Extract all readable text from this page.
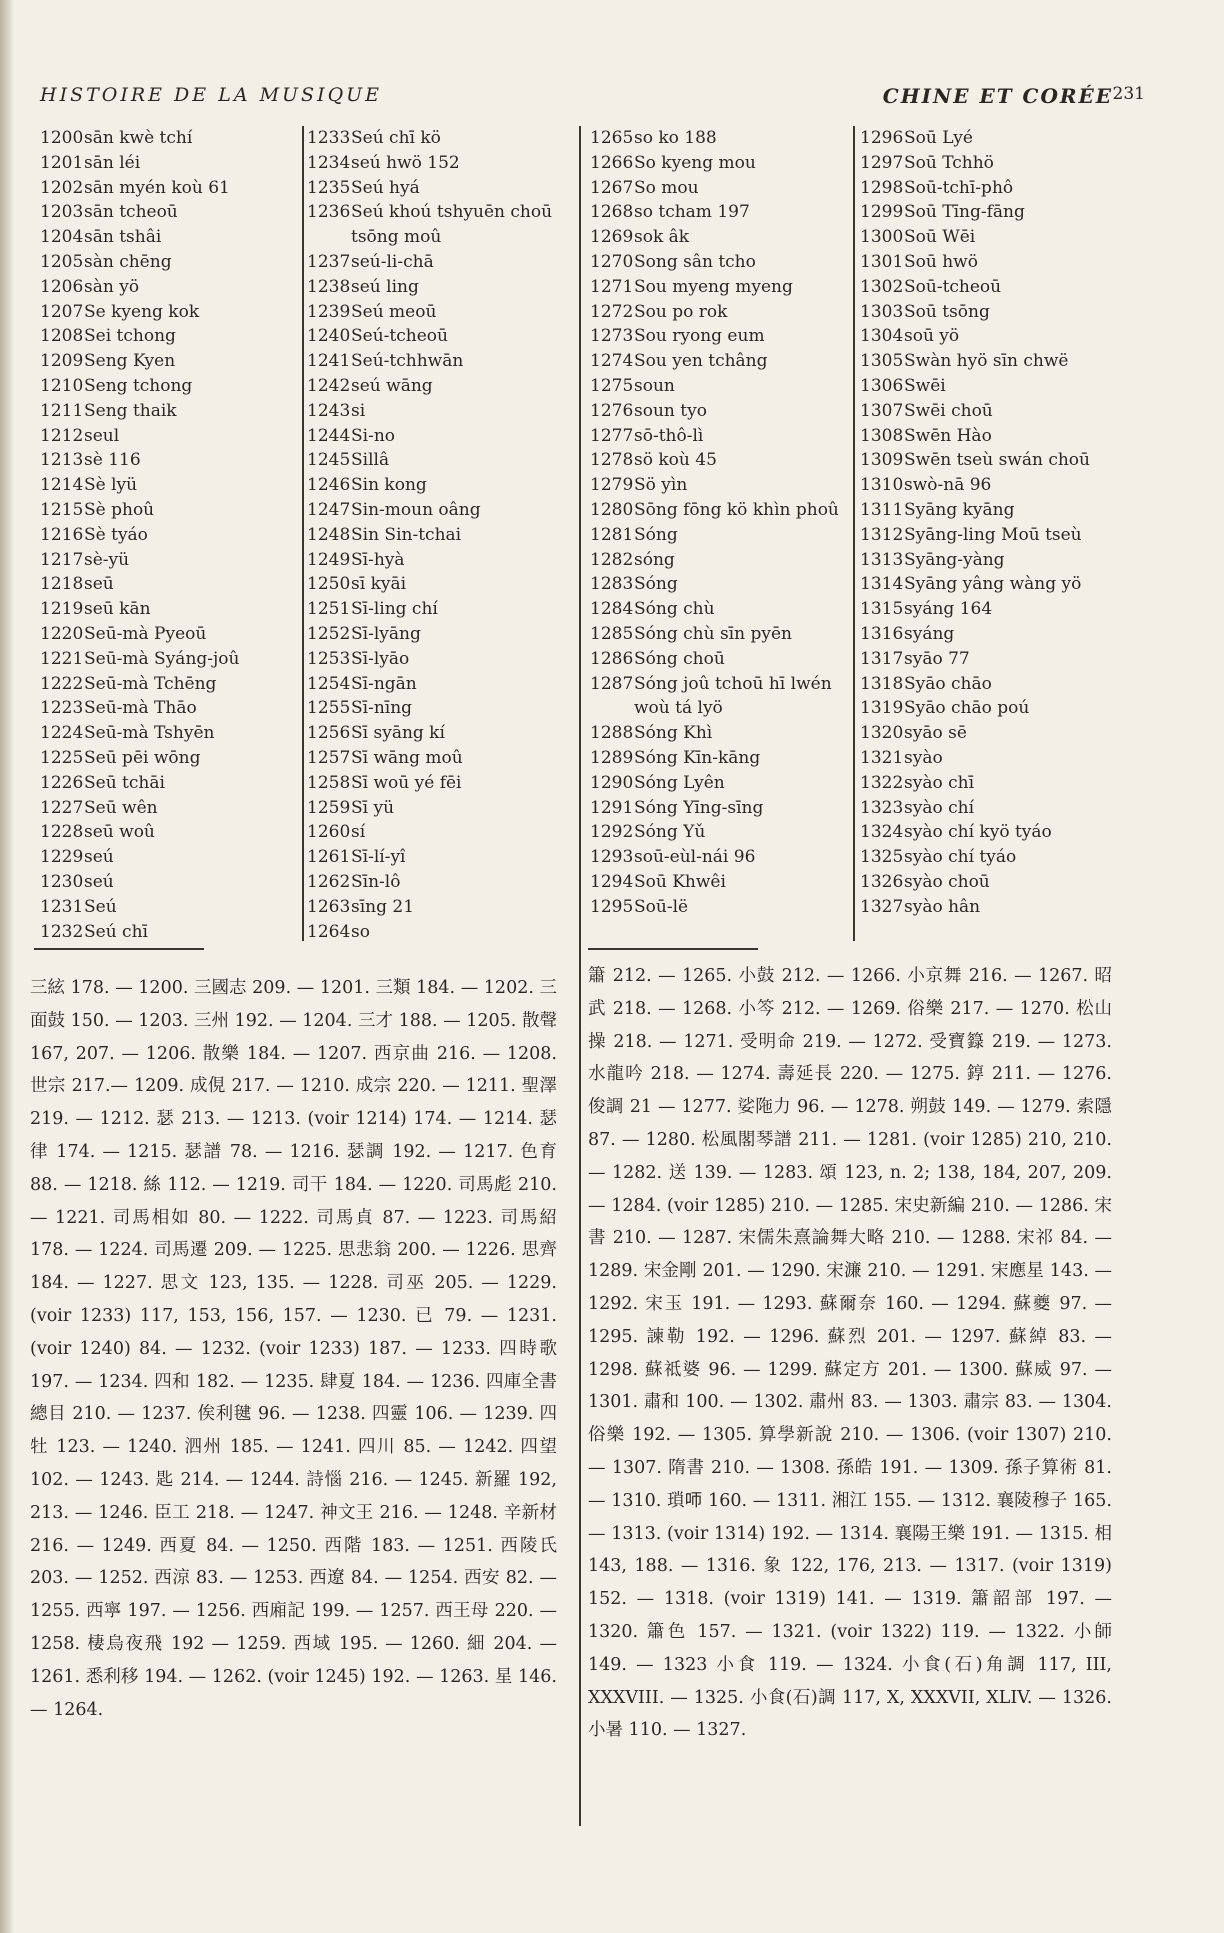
HISTOIRE DE LA MUSIQUE	CHINE ET CORÉE 231
1200 sān kwè tchí
1201 sān léi
1202 sān myén koù 61
1203 sān tcheoū
1204 sān tshâi
1205 sàn chēng
1206 sàn yö
1207 Se kyeng kok
1208 Sei tchong
1209 Seng Kyen
1210 Seng tchong
1211 Seng thaik
1212 seul
1213 sè 116
1214 Sè lyü
1215 Sè phoû
1216 Sè tyáo
1217 sè-yü
1218 seū
1219 seū kān
1220 Seū-mà Pyeoū
1221 Seū-mà Syáng-joû
1222 Seū-mà Tchēng
1223 Seū-mà Thāo
1224 Seū-mà Tshyēn
1225 Seū pēi wōng
1226 Seū tchāi
1227 Seū wên
1228 seū woû
1229 seú
1230 seú
1231 Seú
1232 Seú chī
1233 Seú chī kö
1234 seú hwö 152
1235 Seú hyá
1236 Seú khoú tshyuēn choū tsōng moû
1237 seú-li-chā
1238 seú ling
1239 Seú meoū
1240 Seú-tcheoū
1241 Seú-tchhwān
1242 seú wāng
1243 si
1244 Si-no
1245 Sillâ
1246 Sin kong
1247 Sin-moun oâng
1248 Sin Sin-tchai
1249 Sī-hyà
1250 sī kyāi
1251 Sī-ling chí
1252 Sī-lyāng
1253 Sī-lyāo
1254 Sī-ngān
1255 Sī-nīng
1256 Sī syāng kí
1257 Sī wāng moû
1258 Sī woū yé fēi
1259 Sī yü
1260 sí
1261 Sī-lí-yî
1262 Sīn-lô
1263 sīng 21
1264 so
1265 so ko 188
1266 So kyeng mou
1267 So mou
1268 so tcham 197
1269 sok âk
1270 Song sân tcho
1271 Sou myeng myeng
1272 Sou po rok
1273 Sou ryong eum
1274 Sou yen tchâng
1275 soun
1276 soun tyo
1277 sō-thô-lì
1278 sö koù 45
1279 Sö yìn
1280 Sōng fōng kö khìn phoû
1281 Sóng
1282 sóng
1283 Sóng
1284 Sóng chù
1285 Sóng chù sīn pyēn
1286 Sóng choū
1287 Sóng joû tchoū hī lwén woù tá lyö
1288 Sóng Khì
1289 Sóng Kīn-kāng
1290 Sóng Lyên
1291 Sóng Yīng-sīng
1292 Sóng Yǔ
1293 soū-eùl-nái 96
1294 Soū Khwêi
1295 Soū-lë
1296 Soū Lyé
1297 Soū Tchhö
1298 Soū-tchī-phô
1299 Soū Tīng-fāng
1300 Soū Wēi
1301 Soū hwö
1302 Soū-tcheoū
1303 Soū tsōng
1304 soū yö
1305 Swàn hyö sīn chwë
1306 Swēi
1307 Swēi choū
1308 Swēn Hào
1309 Swēn tseù swán choū
1310 swò-nā 96
1311 Syāng kyāng
1312 Syāng-ling Moū tseù
1313 Syāng-yàng
1314 Syāng yâng wàng yö
1315 syáng 164
1316 syáng
1317 syāo 77
1318 Syāo chāo
1319 Syāo chāo poú
1320 syāo sē
1321 syào
1322 syào chī
1323 syào chí
1324 syào chí kyö tyáo
1325 syào chí tyáo
1326 syào choū
1327 syào hân
三絃 178. — 1200. 三國志 209. — 1201. 三類 184. — 1202. 三面鼓 150. — 1203. 三州 192. — 1204. 三才 188. — 1205. 散聲 167, 207. — 1206. 散樂 184. — 1207. 西京曲 216. — 1208. 世宗 217.— 1209. 成俔 217. — 1210. 成宗 220. — 1211. 聖澤 219. — 1212. 瑟 213. — 1213. (voir 1214) 174. — 1214. 瑟律 174. — 1215. 瑟譜 78. — 1216. 瑟調 192. — 1217. 色育 88. — 1218. 絲 112. — 1219. 司干 184. — 1220. 司馬彪 210. — 1221. 司馬相如 80. — 1222. 司馬貞 87. — 1223. 司馬紹 178. — 1224. 司馬遷 209. — 1225. 思悲翁 200. — 1226. 思齊 184. — 1227. 思文 123, 135. — 1228. 司巫 205. — 1229. (voir 1233) 117, 153, 156, 157. — 1230. 已 79. — 1231. (voir 1240) 84. — 1232. (voir 1233) 187. — 1233. 四時歌 197. — 1234. 四和 182. — 1235. 肆夏 184. — 1236. 四庫全書總目 210. — 1237. 俟利毽 96. — 1238. 四靈 106. — 1239. 四牡 123. — 1240. 泗州 185. — 1241. 四川 85. — 1242. 四望 102. — 1243. 匙 214. — 1244. 詩惱 216. — 1245. 新羅 192, 213. — 1246. 臣工 218. — 1247. 神文王 216. — 1248. 辛新材 216. — 1249. 西夏 84. — 1250. 西階 183. — 1251. 西陵氏 203. — 1252. 西涼 83. — 1253. 西遼 84. — 1254. 西安 82. — 1255. 西寧 197. — 1256. 西廂記 199. — 1257. 西王母 220. — 1258. 棲烏夜飛 192 — 1259. 西域 195. — 1260. 細 204. — 1261. 悉利移 194. — 1262. (voir 1245) 192. — 1263. 星 146. — 1264.
簫 212. — 1265. 小鼓 212. — 1266. 小京舞 216. — 1267. 昭武 218. — 1268. 小笒 212. — 1269. 俗樂 217. — 1270. 松山操 218. — 1271. 受明命 219. — 1272. 受寶籙 219. — 1273. 水龍吟 218. — 1274. 壽延長 220. — 1275. 錞 211. — 1276. 俊調 21 — 1277. 娑陁力 96. — 1278. 朔鼓 149. — 1279. 索隱 87. — 1280. 松風閣琴譜 211. — 1281. (voir 1285) 210, 210. — 1282. 送 139. — 1283. 頌 123, n. 2; 138, 184, 207, 209. — 1284. (voir 1285) 210. — 1285. 宋史新編 210. — 1286. 宋書 210. — 1287. 宋儒朱熹論舞大略 210. — 1288. 宋祁 84. — 1289. 宋金剛 201. — 1290. 宋濂 210. — 1291. 宋應星 143. — 1292. 宋玉 191. — 1293. 蘇爾奈 160. — 1294. 蘇夔 97. — 1295. 諫勒 192. — 1296. 蘇烈 201. — 1297. 蘇綽 83. — 1298. 蘇祗婆 96. — 1299. 蘇定方 201. — 1300. 蘇威 97. — 1301. 肅和 100. — 1302. 肅州 83. — 1303. 肅宗 83. — 1304. 俗樂 192. — 1305. 算學新說 210. — 1306. (voir 1307) 210. — 1307. 隋書 210. — 1308. 孫皓 191. — 1309. 孫子算術 81. — 1310. 瑣𠯗 160. — 1311. 湘江 155. — 1312. 襄陵穆子 165. — 1313. (voir 1314) 192. — 1314. 襄陽王樂 191. — 1315. 相 143, 188. — 1316. 象 122, 176, 213. — 1317. (voir 1319) 152. — 1318. (voir 1319) 141. — 1319. 簫韶部 197. — 1320. 簫色 157. — 1321. (voir 1322) 119. — 1322. 小師 149. — 1323 小食 119. — 1324. 小食(石)角調 117, III, XXXVIII. — 1325. 小食(石)調 117, X, XXXVII, XLIV. — 1326. 小暑 110. — 1327.
